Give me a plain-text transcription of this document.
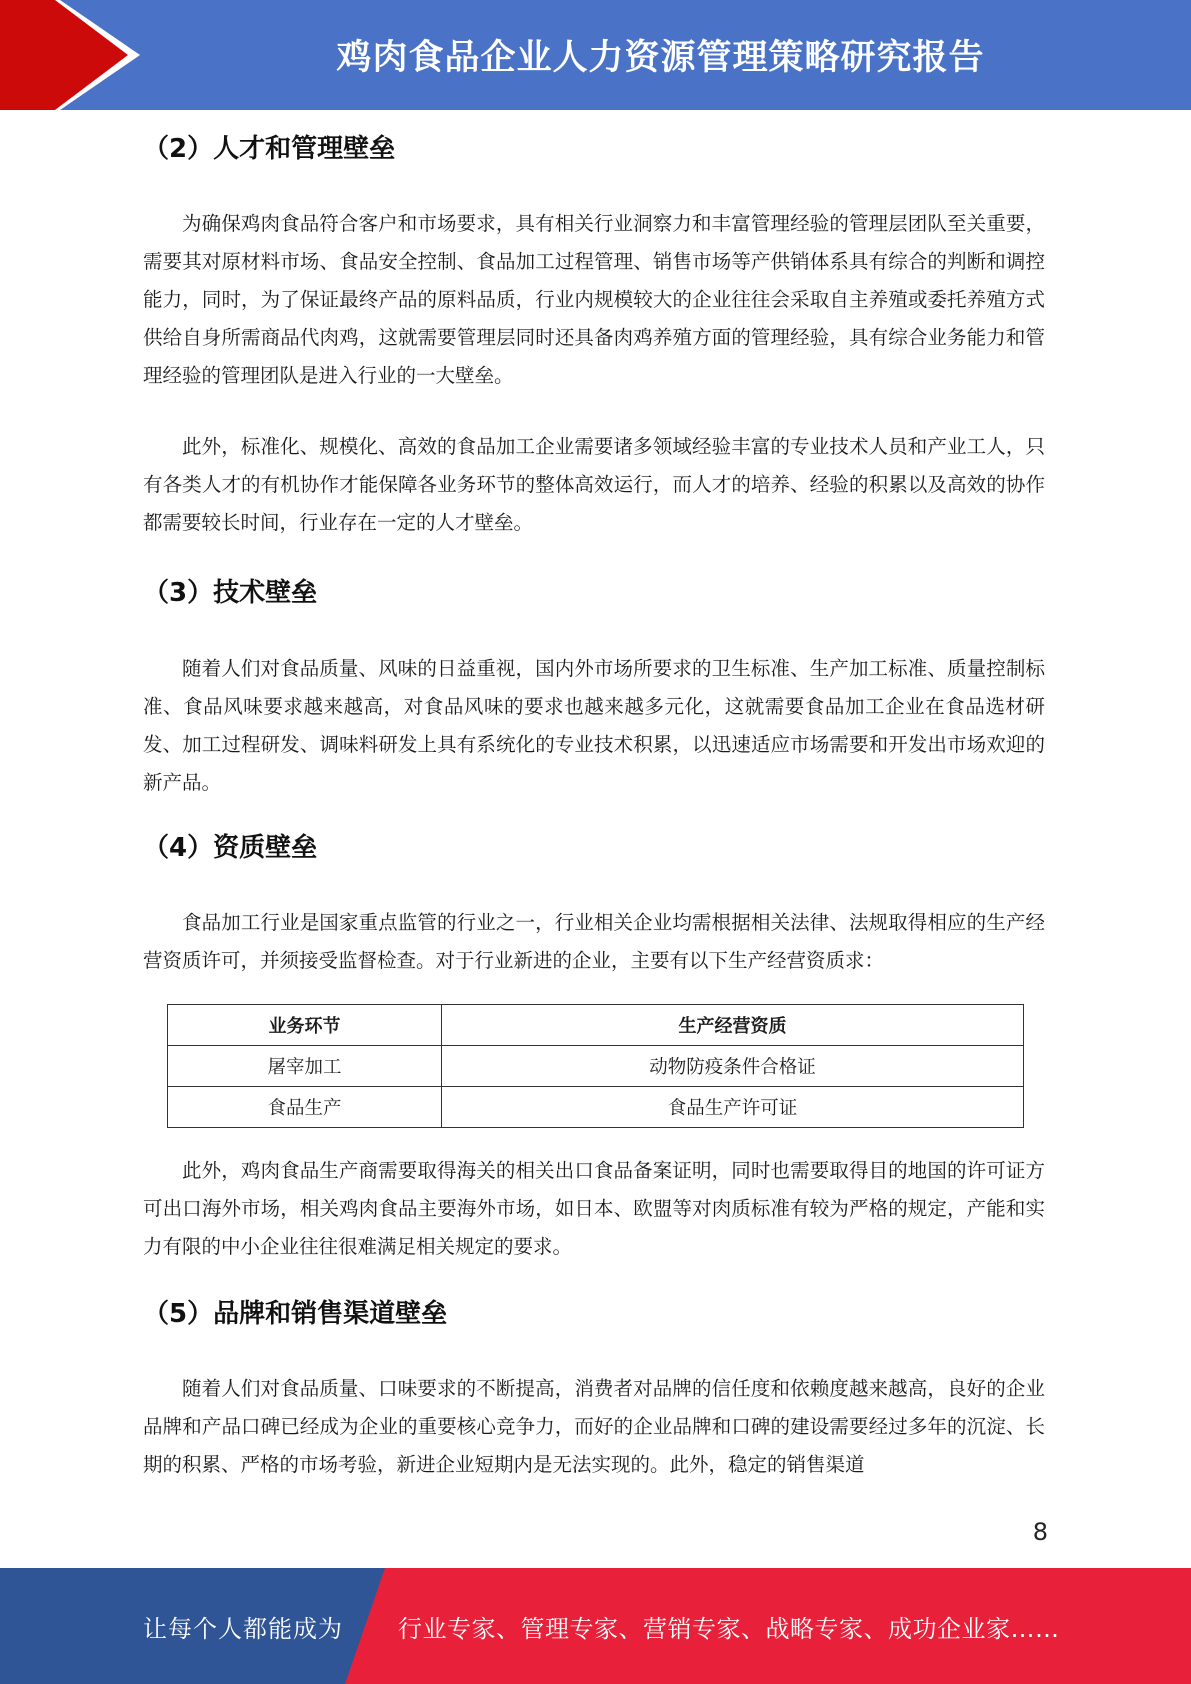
鸡肉食品企业人力资源管理策略研究报告
（2）人才和管理壁垒

为确保鸡肉食品符合客户和市场要求，具有相关行业洞察力和丰富管理经验的管理层团队至关重要，需要其对原材料市场、食品安全控制、食品加工过程管理、销售市场等产供销体系具有综合的判断和调控能力，同时，为了保证最终产品的原料品质，行业内规模较大的企业往往会采取自主养殖或委托养殖方式供给自身所需商品代肉鸡，这就需要管理层同时还具备肉鸡养殖方面的管理经验，具有综合业务能力和管理经验的管理团队是进入行业的一大壁垒。

此外，标准化、规模化、高效的食品加工企业需要诸多领域经验丰富的专业技术人员和产业工人，只有各类人才的有机协作才能保障各业务环节的整体高效运行，而人才的培养、经验的积累以及高效的协作都需要较长时间，行业存在一定的人才壁垒。

（3）技术壁垒

随着人们对食品质量、风味的日益重视，国内外市场所要求的卫生标准、生产加工标准、质量控制标准、食品风味要求越来越高，对食品风味的要求也越来越多元化，这就需要食品加工企业在食品选材研发、加工过程研发、调味料研发上具有系统化的专业技术积累，以迅速适应市场需要和开发出市场欢迎的新产品。

（4）资质壁垒

食品加工行业是国家重点监管的行业之一，行业相关企业均需根据相关法律、法规取得相应的生产经营资质许可，并须接受监督检查。对于行业新进的企业，主要有以下生产经营资质求：

业务环节	生产经营资质
屠宰加工	动物防疫条件合格证
食品生产	食品生产许可证

此外，鸡肉食品生产商需要取得海关的相关出口食品备案证明，同时也需要取得目的地国的许可证方可出口海外市场，相关鸡肉食品主要海外市场，如日本、欧盟等对肉质标准有较为严格的规定，产能和实力有限的中小企业往往很难满足相关规定的要求。

（5）品牌和销售渠道壁垒

随着人们对食品质量、口味要求的不断提高，消费者对品牌的信任度和依赖度越来越高，良好的企业品牌和产品口碑已经成为企业的重要核心竞争力，而好的企业品牌和口碑的建设需要经过多年的沉淀、长期的积累、严格的市场考验，新进企业短期内是无法实现的。此外，稳定的销售渠道

8
让每个人都能成为 行业专家、管理专家、营销专家、战略专家、成功企业家……
